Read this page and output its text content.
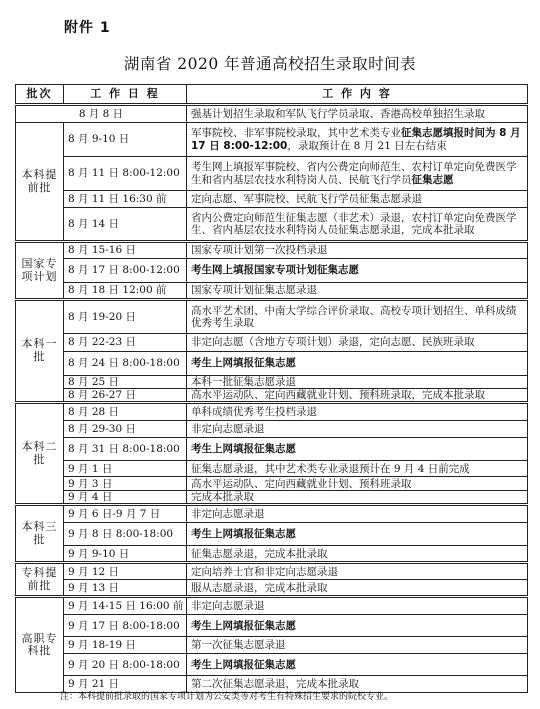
附件 1
湖南省 2020 年普通高校招生录取时间表
批次	工 作 日 程	工 作 内 容
8 月 8 日		强基计划招生录取和军队飞行学员录取、香港高校单独招生录取
本科提前批	8 月 9-10 日	军事院校、非军事院校录取，其中艺术类专业征集志愿填报时间为 8 月 17 日 8:00-12:00，录取预计在 8 月 21 日左右结束
	8 月 11 日 8:00-12:00	考生网上填报军事院校、省内公费定向师范生、农村订单定向免费医学生和省内基层农技水利特岗人员、民航飞行学员征集志愿
	8 月 11 日 16:30 前	定向志愿、军事院校、民航飞行学员征集志愿录退
	8 月 14 日	省内公费定向师范生征集志愿（非艺术）录退，农村订单定向免费医学生、省内基层农技水利特岗人员征集志愿录退，完成本批录取
国家专项计划	8 月 15-16 日	国家专项计划第一次投档录退
	8 月 17 日 8:00-12:00	考生网上填报国家专项计划征集志愿
	8 月 18 日 12:00 前	国家专项计划征集志愿录退
本科一批	8 月 19-20 日	高水平艺术团、中南大学综合评价录取、高校专项计划招生、单科成绩优秀考生录取
	8 月 22-23 日	非定向志愿（含地方专项计划）录退，定向志愿、民族班录取
	8 月 24 日 8:00-18:00	考生上网填报征集志愿
	8 月 25 日	本科一批征集志愿录退
	8 月 26-27 日	高水平运动队、定向西藏就业计划、预科班录取，完成本批录取
本科二批	8 月 28 日	单科成绩优秀考生投档录退
	8 月 29-30 日	非定向志愿录退
	8 月 31 日 8:00-18:00	考生上网填报征集志愿
	9 月 1 日	征集志愿录退，其中艺术类专业录退预计在 9 月 4 日前完成
	9 月 3 日	高水平运动队、定向西藏就业计划、预科班录取
	9 月 4 日	完成本批录取
本科三批	9 月 6 日-9 月 7 日	非定向志愿录退
	9 月 8 日 8:00-18:00	考生上网填报征集志愿
	9 月 9-10 日	征集志愿录退，完成本批录取
专科提前批	9 月 12 日	定向培养士官和非定向志愿录退
	9 月 13 日	服从志愿录退，完成本批录取
高职专科批	9 月 14-15 日 16:00 前	非定向志愿录退
	9 月 17 日 8:00-18:00	考生上网填报征集志愿
	9 月 18-19 日	第一次征集志愿录退
	9 月 20 日 8:00-18:00	考生上网填报征集志愿
	9 月 21 日	第二次征集志愿录退，完成本批录取
注：本科提前批录取的国家专项计划为公安类等对考生有特殊招生要求的院校专业。
